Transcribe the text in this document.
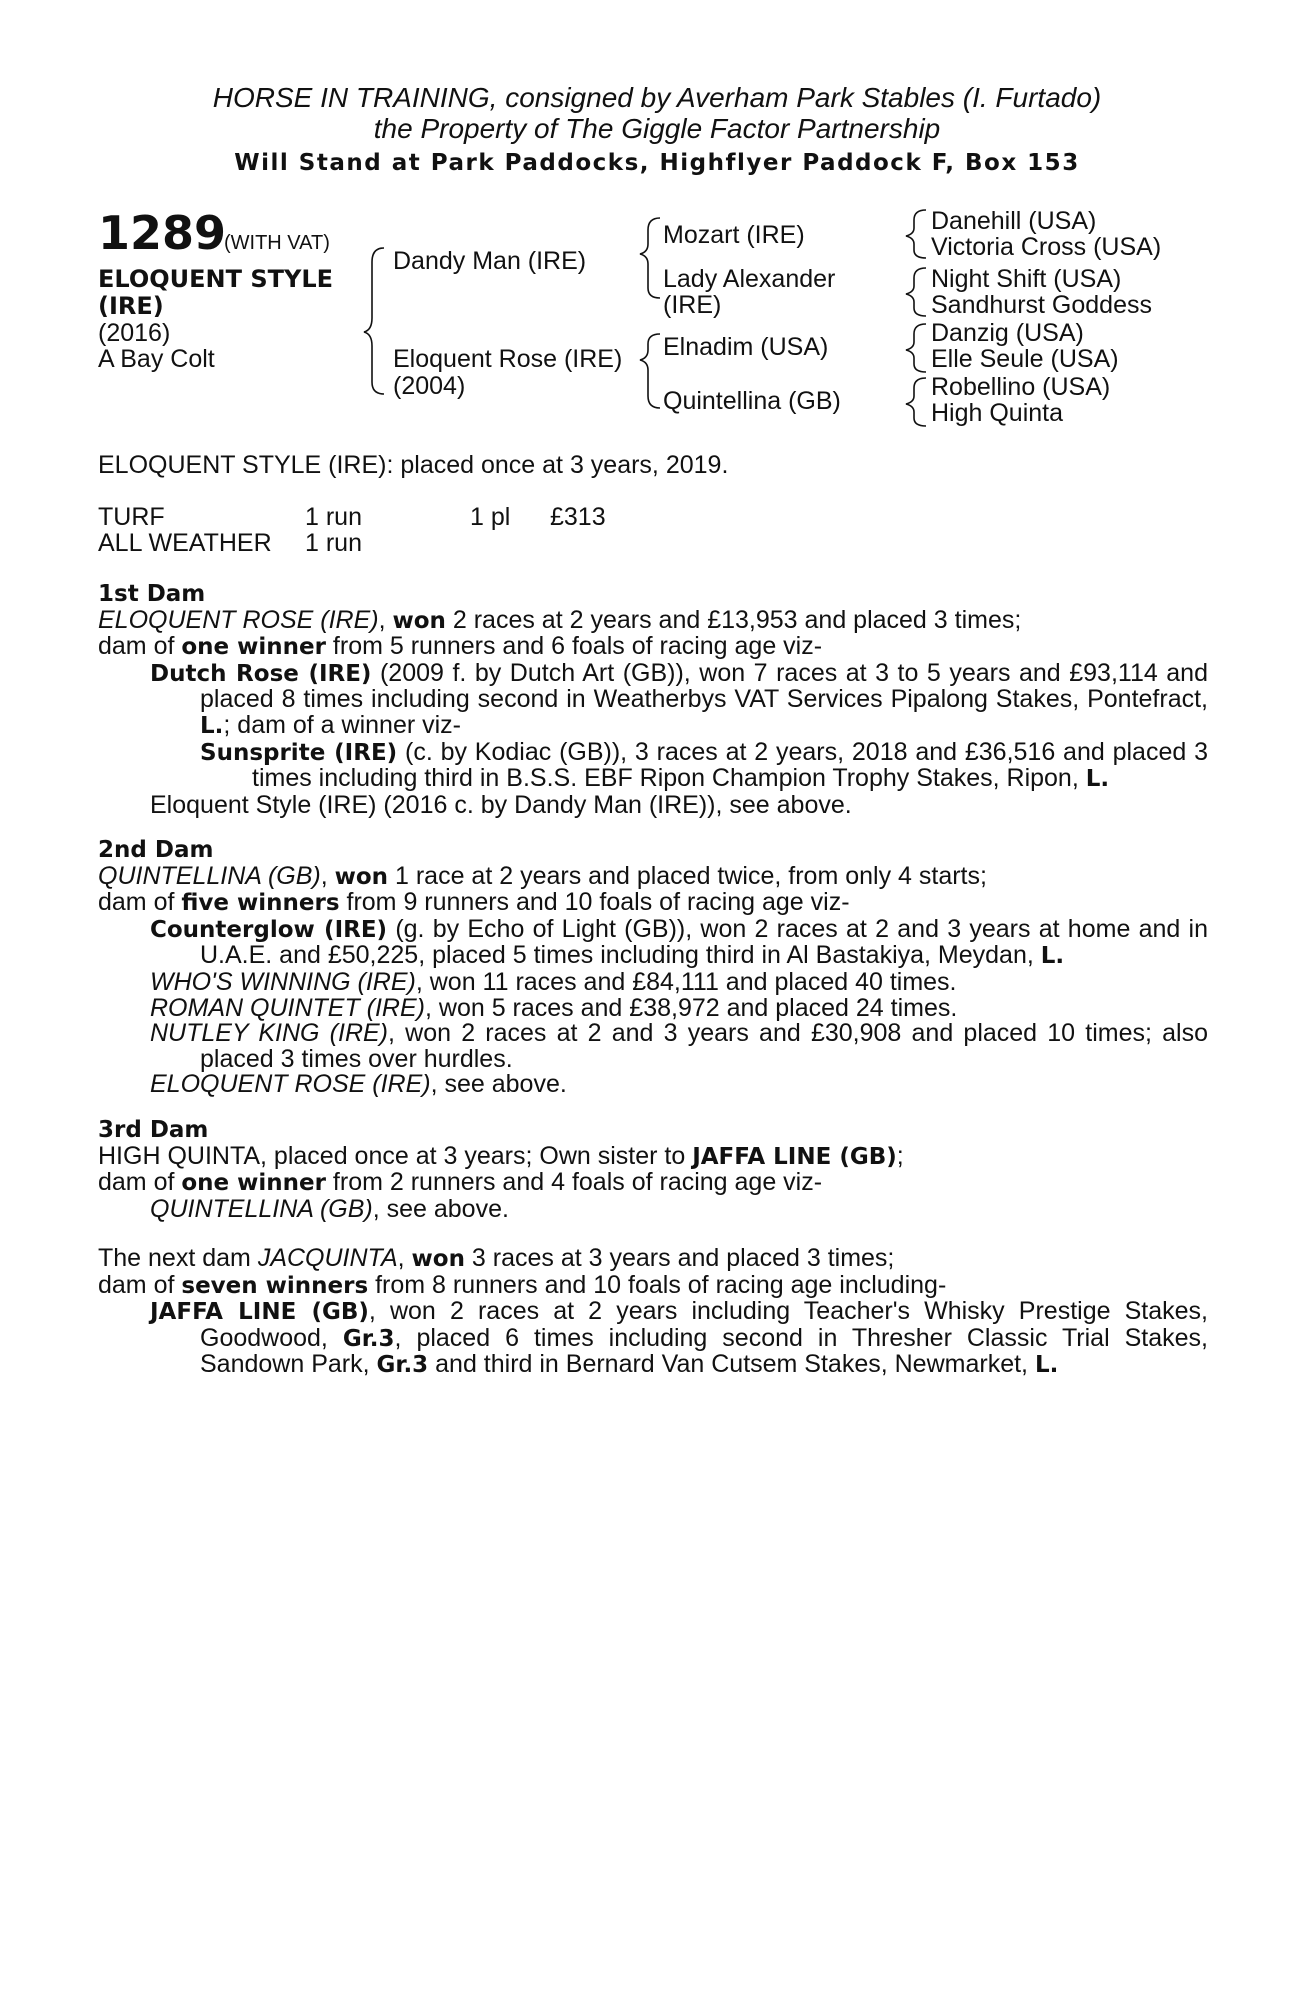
HORSE IN TRAINING, consigned by Averham Park Stables (I. Furtado)
the Property of The Giggle Factor Partnership
Will Stand at Park Paddocks, Highflyer Paddock F, Box 153
1289
(WITH VAT)
ELOQUENT STYLE
(IRE)
(2016)
A Bay Colt
Dandy Man (IRE)
Eloquent Rose (IRE)
(2004)
Mozart (IRE)
Lady Alexander
(IRE)
Elnadim (USA)
Quintellina (GB)
Danehill (USA)
Victoria Cross (USA)
Night Shift (USA)
Sandhurst Goddess
Danzig (USA)
Elle Seule (USA)
Robellino (USA)
High Quinta
ELOQUENT STYLE (IRE): placed once at 3 years, 2019.
TURF	1 run	1 pl £313
ALL WEATHER 1 run

1st Dam

ELOQUENT ROSE (IRE), won 2 races at 2 years and £13,953 and placed 3 times;

dam of one winner from 5 runners and 6 foals of racing age viz-

Dutch Rose (IRE) (2009 f. by Dutch Art (GB)), won 7 races at 3 to 5 years and £93,114 and placed 8 times including second in Weatherbys VAT Services Pipalong Stakes, Pontefract, L.; dam of a winner viz-

Sunsprite (IRE) (c. by Kodiac (GB)), 3 races at 2 years, 2018 and £36,516 and placed 3 times including third in B.S.S. EBF Ripon Champion Trophy Stakes, Ripon, L.

Eloquent Style (IRE) (2016 c. by Dandy Man (IRE)), see above.

2nd Dam

QUINTELLINA (GB), won 1 race at 2 years and placed twice, from only 4 starts;

dam of five winners from 9 runners and 10 foals of racing age viz-

Counterglow (IRE) (g. by Echo of Light (GB)), won 2 races at 2 and 3 years at home and in U.A.E. and £50,225, placed 5 times including third in Al Bastakiya, Meydan, L.

WHO'S WINNING (IRE), won 11 races and £84,111 and placed 40 times.

ROMAN QUINTET (IRE), won 5 races and £38,972 and placed 24 times.

NUTLEY KING (IRE), won 2 races at 2 and 3 years and £30,908 and placed 10 times; also placed 3 times over hurdles.

ELOQUENT ROSE (IRE), see above.

3rd Dam

HIGH QUINTA, placed once at 3 years; Own sister to JAFFA LINE (GB);

dam of one winner from 2 runners and 4 foals of racing age viz-

QUINTELLINA (GB), see above.

The next dam JACQUINTA, won 3 races at 3 years and placed 3 times;

dam of seven winners from 8 runners and 10 foals of racing age including-

JAFFA LINE (GB), won 2 races at 2 years including Teacher's Whisky Prestige Stakes, Goodwood, Gr.3, placed 6 times including second in Thresher Classic Trial Stakes, Sandown Park, Gr.3 and third in Bernard Van Cutsem Stakes, Newmarket, L.
